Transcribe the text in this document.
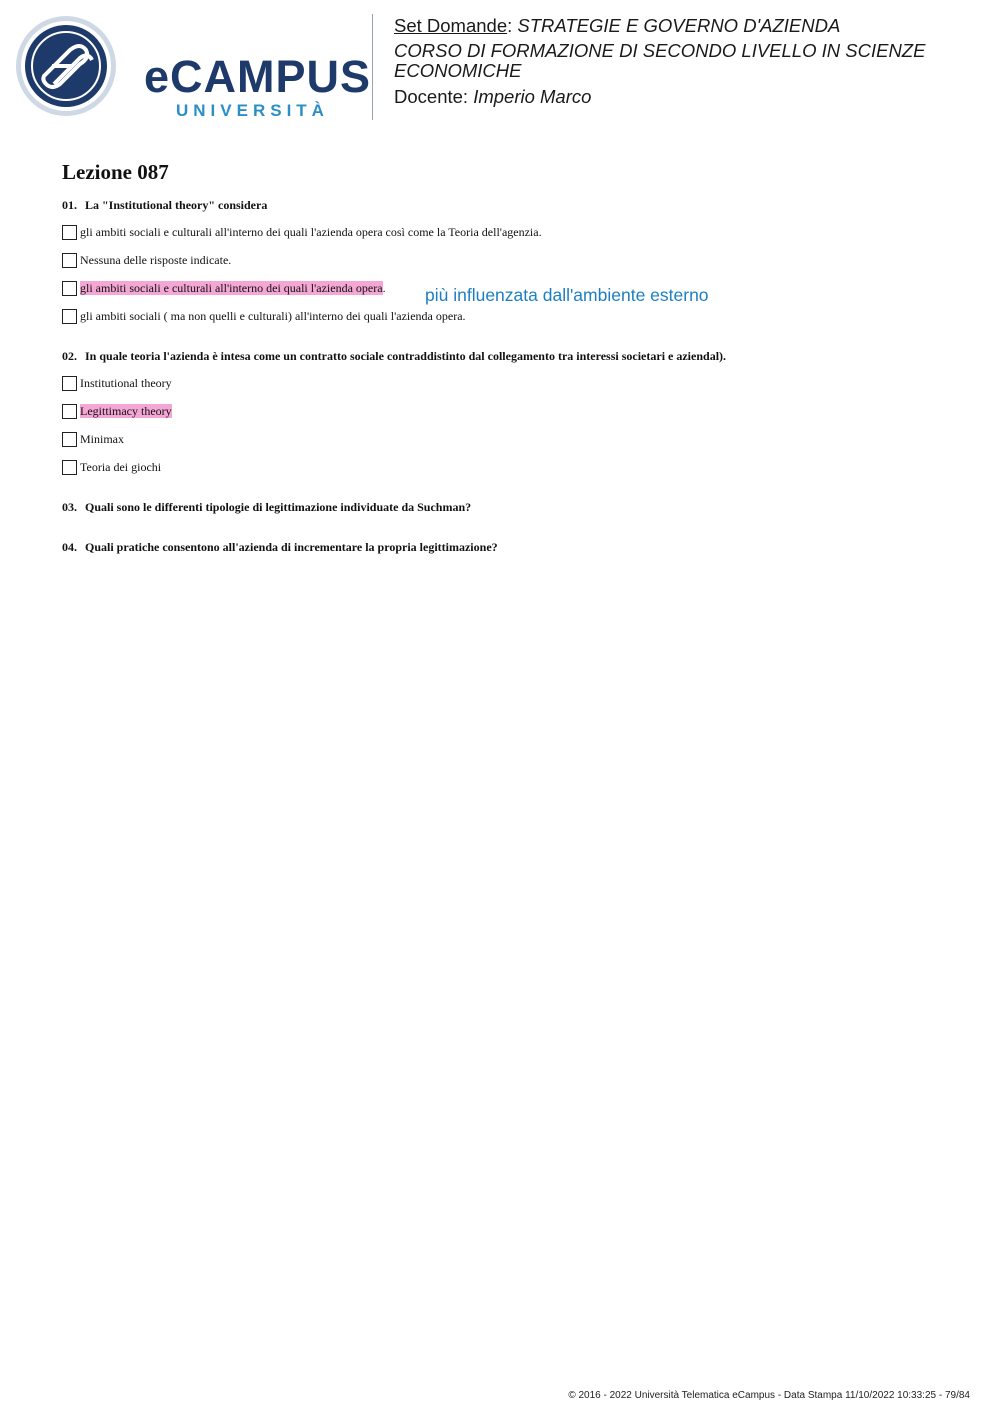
eCAMPUS
UNIVERSITÀ
Set Domande: STRATEGIE E GOVERNO D'AZIENDA
CORSO DI FORMAZIONE DI SECONDO LIVELLO IN SCIENZE ECONOMICHE
Docente: Imperio Marco
Lezione 087
01. La "Institutional theory" considera
gli ambiti sociali e culturali all'interno dei quali l'azienda opera così come la Teoria dell'agenzia.
Nessuna delle risposte indicate.
gli ambiti sociali e culturali all'interno dei quali l'azienda opera. più influenzata dall'ambiente esterno
gli ambiti sociali ( ma non quelli e culturali) all'interno dei quali l'azienda opera.
02. In quale teoria l'azienda è intesa come un contratto sociale contraddistinto dal collegamento tra interessi societari e aziendal).
Institutional theory
Legittimacy theory
Minimax
Teoria dei giochi
03. Quali sono le differenti tipologie di legittimazione individuate da Suchman?
04. Quali pratiche consentono all'azienda di incrementare la propria legittimazione?
© 2016 - 2022 Università Telematica eCampus - Data Stampa 11/10/2022 10:33:25 - 79/84
